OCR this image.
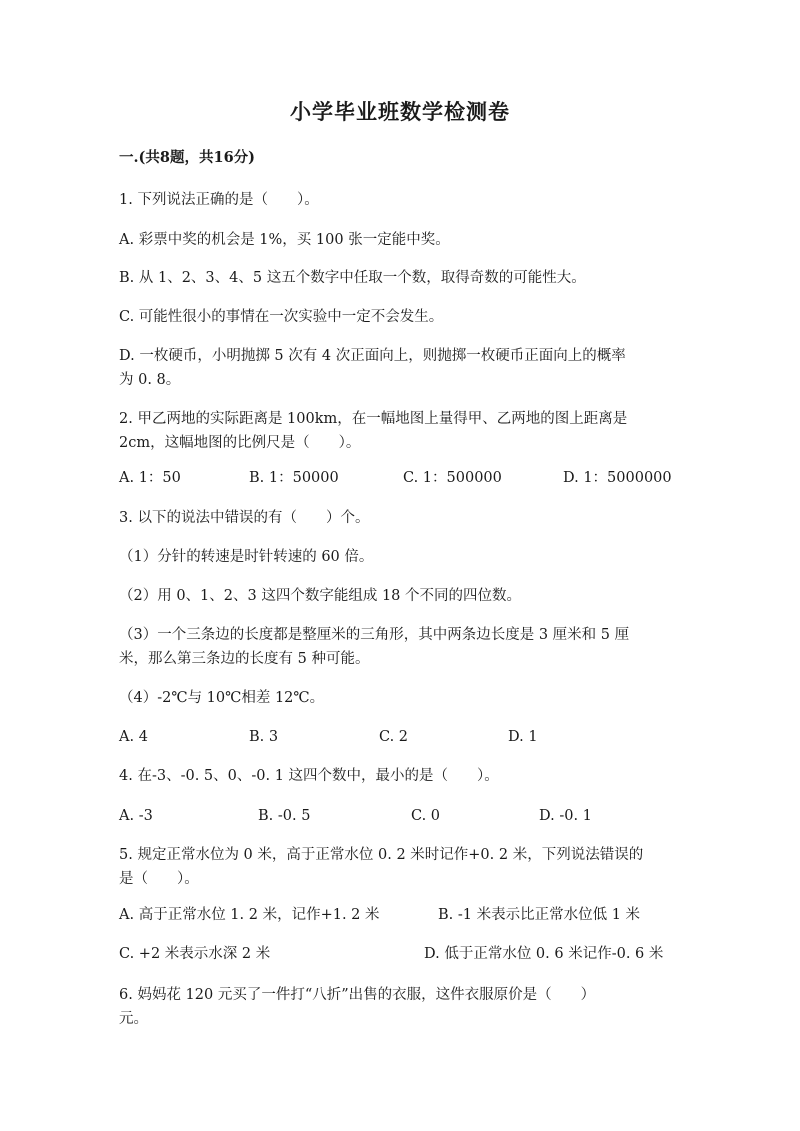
小学毕业班数学检测卷
一.(共8题，共16分)
1. 下列说法正确的是（　　）。
A. 彩票中奖的机会是 1%，买 100 张一定能中奖。
B. 从 1、2、3、4、5 这五个数字中任取一个数，取得奇数的可能性大。
C. 可能性很小的事情在一次实验中一定不会发生。
D. 一枚硬币，小明抛掷 5 次有 4 次正面向上，则抛掷一枚硬币正面向上的概率
为 0. 8。
2. 甲乙两地的实际距离是 100km，在一幅地图上量得甲、乙两地的图上距离是
2cm，这幅地图的比例尺是（　　）。
A. 1：50	B. 1：50000	C. 1：500000	D. 1：5000000
3. 以下的说法中错误的有（　　）个。
（1）分针的转速是时针转速的 60 倍。
（2）用 0、1、2、3 这四个数字能组成 18 个不同的四位数。
（3）一个三条边的长度都是整厘米的三角形，其中两条边长度是 3 厘米和 5 厘
米，那么第三条边的长度有 5 种可能。
（4）-2℃与 10℃相差 12℃。
A. 4	B. 3	C. 2	D. 1
4. 在-3、-0. 5、0、-0. 1 这四个数中，最小的是（　　）。
A. -3	B. -0. 5	C. 0	D. -0. 1
5. 规定正常水位为 0 米，高于正常水位 0. 2 米时记作+0. 2 米，下列说法错误的
是（　　）。
A. 高于正常水位 1. 2 米，记作+1. 2 米	B. -1 米表示比正常水位低 1 米
C. +2 米表示水深 2 米	D. 低于正常水位 0. 6 米记作-0. 6 米
6. 妈妈花 120 元买了一件打“八折”出售的衣服，这件衣服原价是（　　）
元。
